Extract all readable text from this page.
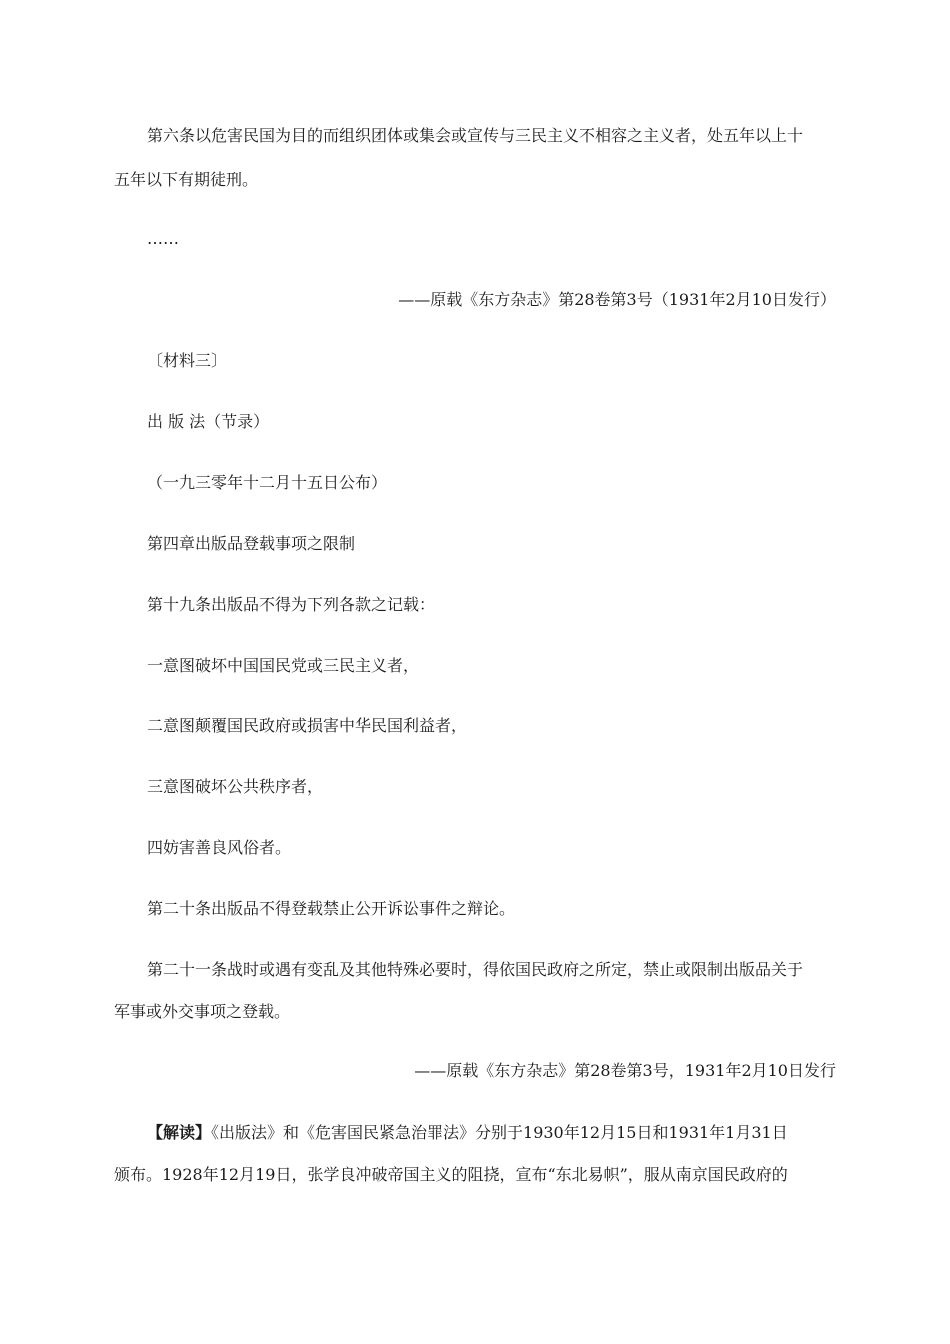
第六条以危害民国为目的而组织团体或集会或宣传与三民主义不相容之主义者，处五年以上十
五年以下有期徒刑。
……
——原载《东方杂志》第28卷第3号（1931年2月10日发行）
〔材料三〕
出 版 法（节录）
（一九三零年十二月十五日公布）
第四章出版品登载事项之限制
第十九条出版品不得为下列各款之记载：
一意图破坏中国国民党或三民主义者，
二意图颠覆国民政府或损害中华民国利益者，
三意图破坏公共秩序者，
四妨害善良风俗者。
第二十条出版品不得登载禁止公开诉讼事件之辩论。
第二十一条战时或遇有变乱及其他特殊必要时，得依国民政府之所定，禁止或限制出版品关于
军事或外交事项之登载。
——原载《东方杂志》第28卷第3号，1931年2月10日发行
【解读】《出版法》和《危害国民紧急治罪法》分别于1930年12月15日和1931年1月31日
颁布。1928年12月19日，张学良冲破帝国主义的阻挠，宣布“东北易帜”，服从南京国民政府的
